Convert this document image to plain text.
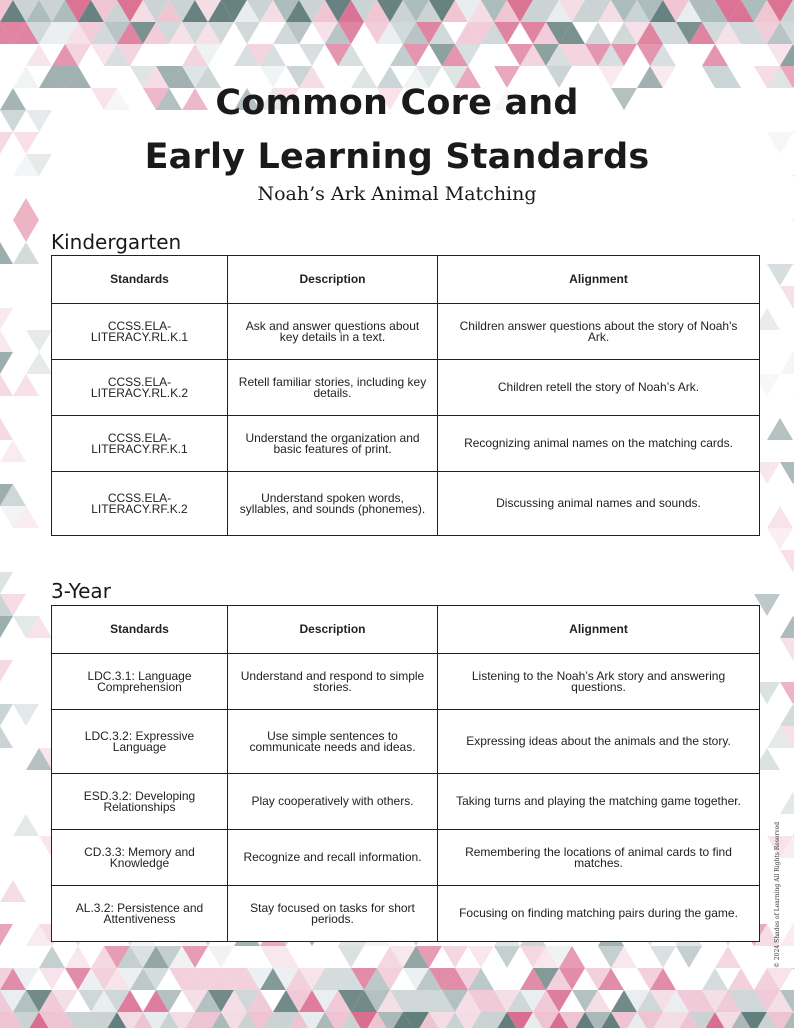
Common Core and
Early Learning Standards
Noah’s Ark Animal Matching
Kindergarten
Standards	Description	Alignment
CCSS.ELA-LITERACY.RL.K.1	Ask and answer questions about key details in a text.	Children answer questions about the story of Noah's Ark.
CCSS.ELA-LITERACY.RL.K.2	Retell familiar stories, including key details.	Children retell the story of Noah’s Ark.
CCSS.ELA-LITERACY.RF.K.1	Understand the organization and basic features of print.	Recognizing animal names on the matching cards.
CCSS.ELA-LITERACY.RF.K.2	Understand spoken words, syllables, and sounds (phonemes).	Discussing animal names and sounds.
3-Year
Standards	Description	Alignment
LDC.3.1: Language Comprehension	Understand and respond to simple stories.	Listening to the Noah’s Ark story and answering questions.
LDC.3.2: Expressive Language	Use simple sentences to communicate needs and ideas.	Expressing ideas about the animals and the story.
ESD.3.2: Developing Relationships	Play cooperatively with others.	Taking turns and playing the matching game together.
CD.3.3: Memory and Knowledge	Recognize and recall information.	Remembering the locations of animal cards to find matches.
AL.3.2: Persistence and Attentiveness	Stay focused on tasks for short periods.	Focusing on finding matching pairs during the game.	© 2024 Shades of Learning All Rights Reserved
